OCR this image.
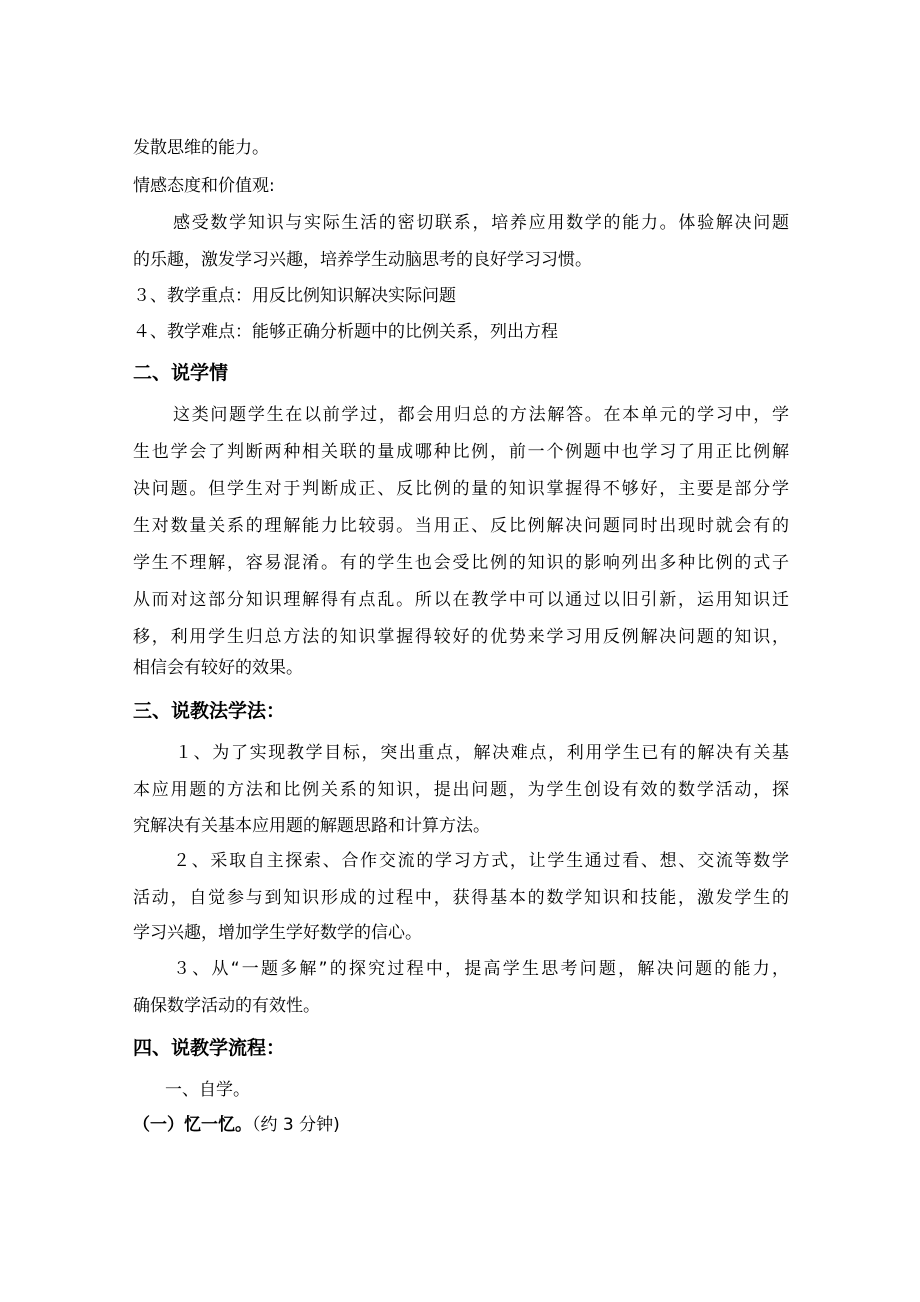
发散思维的能力。
情感态度和价值观:
感受数学知识与实际生活的密切联系，培养应用数学的能力。体验解决问题
的乐趣，激发学习兴趣，培养学生动脑思考的良好学习习惯。
３、教学重点：用反比例知识解决实际问题
４、教学难点：能够正确分析题中的比例关系，列出方程
二、说学情
这类问题学生在以前学过，都会用归总的方法解答。在本单元的学习中，学
生也学会了判断两种相关联的量成哪种比例，前一个例题中也学习了用正比例解
决问题。但学生对于判断成正、反比例的量的知识掌握得不够好，主要是部分学
生对数量关系的理解能力比较弱。当用正、反比例解决问题同时出现时就会有的
学生不理解，容易混淆。有的学生也会受比例的知识的影响列出多种比例的式子
从而对这部分知识理解得有点乱。所以在教学中可以通过以旧引新，运用知识迁
移，利用学生归总方法的知识掌握得较好的优势来学习用反例解决问题的知识，
相信会有较好的效果。
三、说教法学法：
１、为了实现教学目标，突出重点，解决难点，利用学生已有的解决有关基
本应用题的方法和比例关系的知识，提出问题，为学生创设有效的数学活动，探
究解决有关基本应用题的解题思路和计算方法。
２、采取自主探索、合作交流的学习方式，让学生通过看、想、交流等数学
活动，自觉参与到知识形成的过程中，获得基本的数学知识和技能，激发学生的
学习兴趣，增加学生学好数学的信心。
３、从“一题多解”的探究过程中，提高学生思考问题，解决问题的能力，
确保数学活动的有效性。
四、说教学流程：
一、自学。
（一）忆一忆。（约 3 分钟)
